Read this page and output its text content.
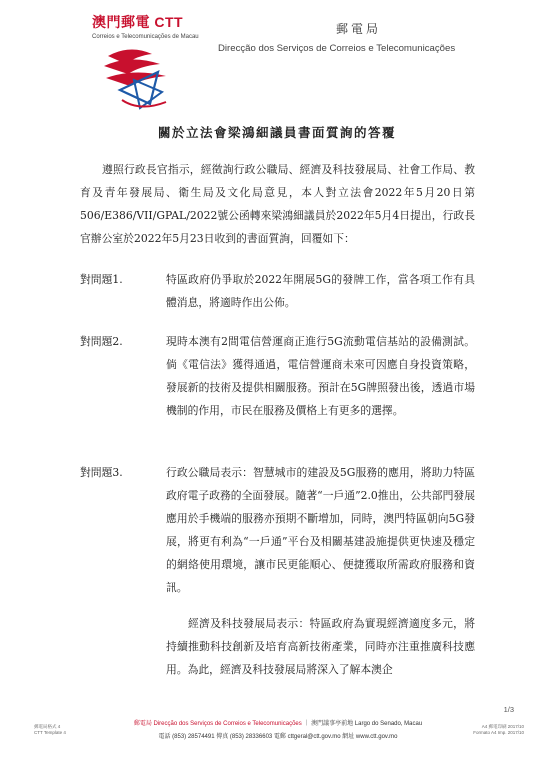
澳門郵電 CTT
Correios e Telecomunicações de Macau
郵電局
Direcção dos Serviços de Correios e Telecomunicações
關於立法會梁鴻細議員書面質詢的答覆
遵照行政長官指示，經徵詢行政公職局、經濟及科技發展局、社會工作局、教育及青年發展局、衛生局及文化局意見，本人對立法會2022年5月20日第506/E386/VII/GPAL/2022號公函轉來梁鴻細議員於2022年5月4日提出，行政長官辦公室於2022年5月23日收到的書面質詢，回覆如下：
對問題1.	特區政府仍爭取於2022年開展5G的發牌工作，當各項工作有具體消息，將適時作出公佈。
對問題2.	現時本澳有2間電信營運商正進行5G流動電信基站的設備測試。倘《電信法》獲得通過，電信營運商未來可因應自身投資策略，發展新的技術及提供相關服務。預計在5G牌照發出後，透過市場機制的作用，市民在服務及價格上有更多的選擇。
對問題3.	行政公職局表示：智慧城市的建設及5G服務的應用，將助力特區政府電子政務的全面發展。隨著“一戶通”2.0推出，公共部門發展應用於手機端的服務亦預期不斷增加，同時，澳門特區朝向5G發展，將更有利為“一戶通”平台及相關基建設施提供更快速及穩定的網絡使用環境，讓市民更能順心、便捷獲取所需政府服務和資訊。
經濟及科技發展局表示：特區政府為實現經濟適度多元，將持續推動科技創新及培育高新技術產業，同時亦注重推廣科技應用。為此，經濟及科技發展局將深入了解本澳企
1/3
郵電局格式 4
CTT Template 4
A4 郵電印刷 2017/10
Formato A4 Imp. 2017/10
郵電局 Direcção dos Serviços de Correios e Telecomunicações ｜ 澳門議事亭前地 Largo do Senado, Macau
電話 (853) 28574491 傳真 (853) 28336603 電郵 cttgeral@ctt.gov.mo 網址 www.ctt.gov.mo
